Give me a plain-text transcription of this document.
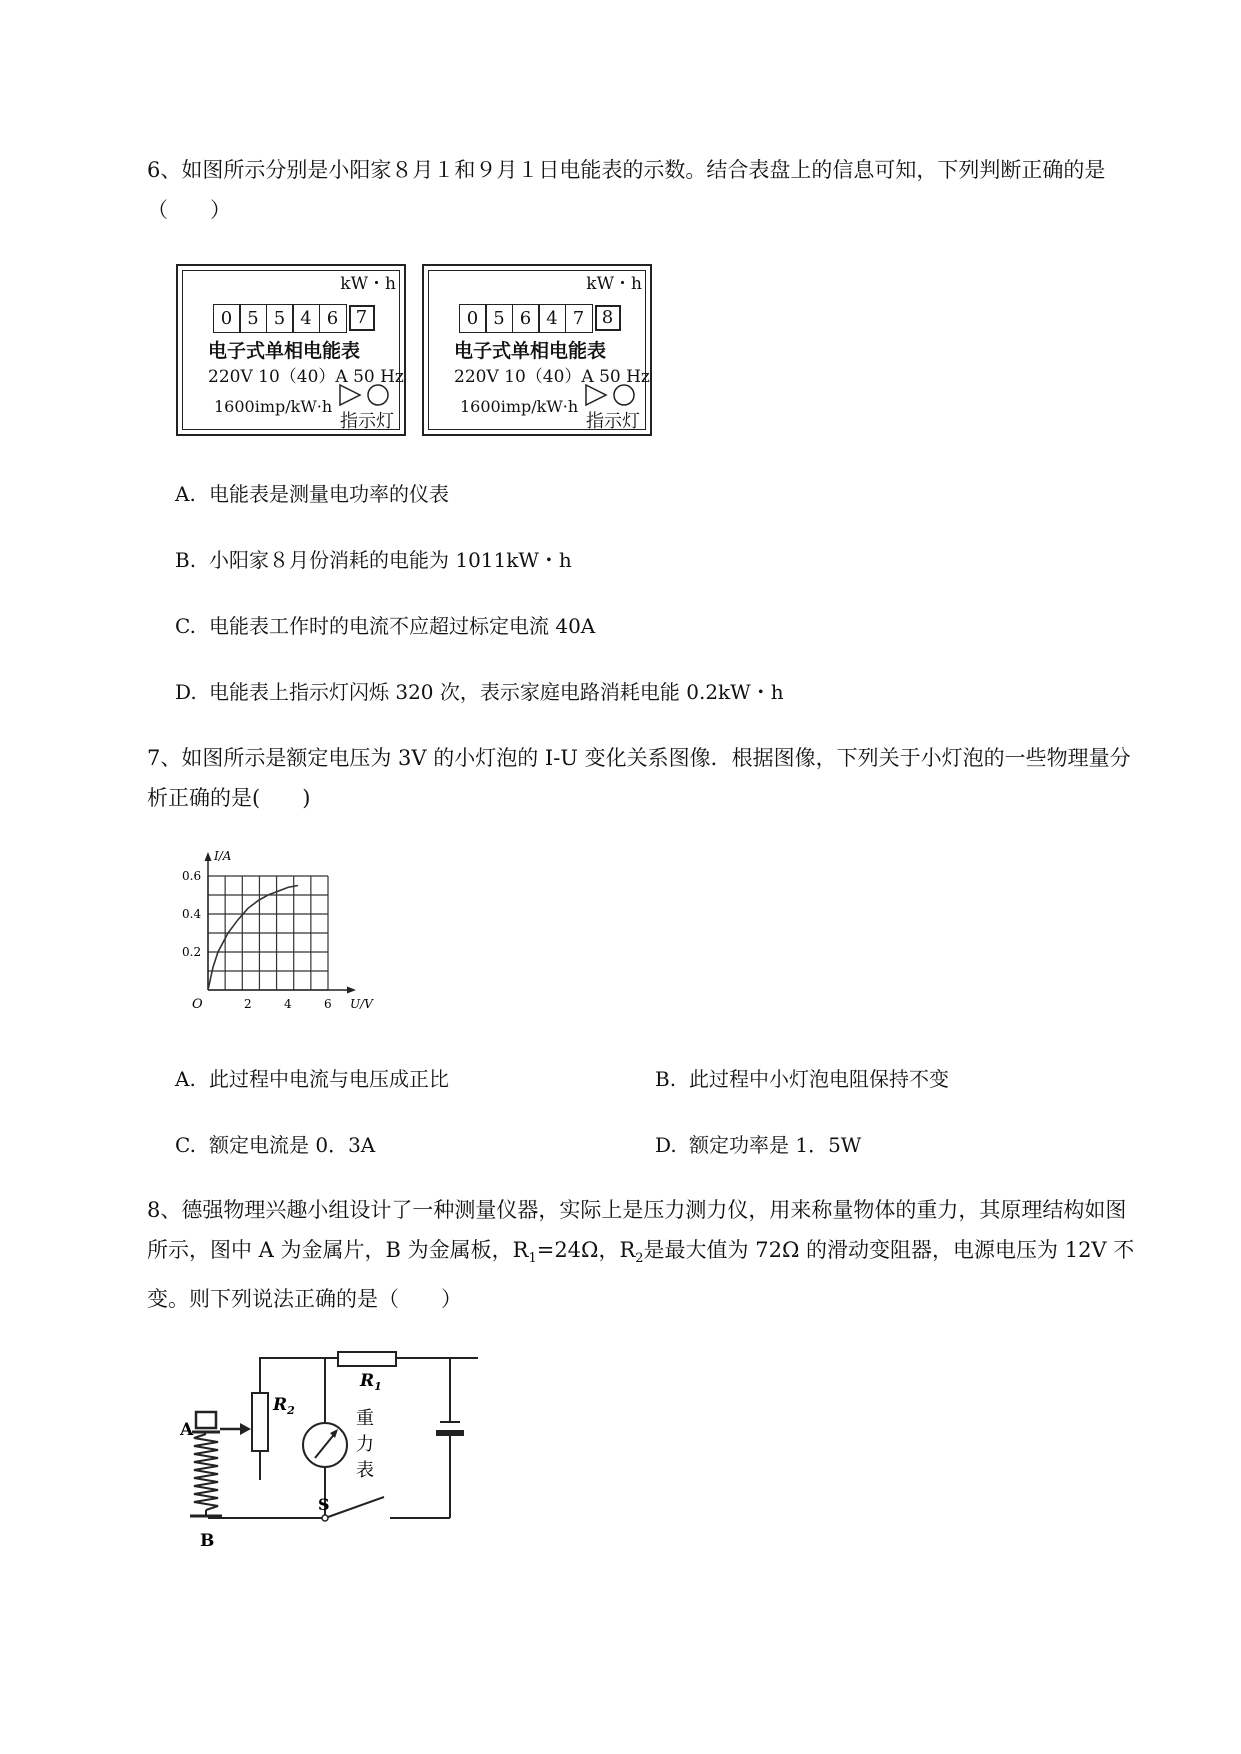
6、如图所示分别是小阳家８月１和９月１日电能表的示数。结合表盘上的信息可知，下列判断正确的是（　　）
kW・h
0 5 5 4 6 7
电子式单相电能表
220V 10（40）A 50 Hz
1600imp/kW·h
指示灯
kW・h
0 5 6 4 7 8
电子式单相电能表
220V 10（40）A 50 Hz
1600imp/kW·h
指示灯
A. 电能表是测量电功率的仪表
B. 小阳家８月份消耗的电能为 1011kW・h
C. 电能表工作时的电流不应超过标定电流 40A
D. 电能表上指示灯闪烁 320 次，表示家庭电路消耗电能 0.2kW・h
7、如图所示是额定电压为 3V 的小灯泡的 I-U 变化关系图像．根据图像，下列关于小灯泡的一些物理量分析正确的是(　　)
2	4	6
0.2
0.4
0.6
O	U/V
I/A
A. 此过程中电流与电压成正比	B. 此过程中小灯泡电阻保持不变
C. 额定电流是 0．3A	D. 额定功率是 1．5W
8、德强物理兴趣小组设计了一种测量仪器，实际上是压力测力仪，用来称量物体的重力，其原理结构如图所示，图中 A 为金属片，B 为金属板，$R_1=24\Omega$，$R_2$是最大值为 72Ω 的滑动变阻器，电源电压为 12V 不变。则下列说法正确的是（　　）
A
B
$R_1$
$R_2$
S
重
力
表
